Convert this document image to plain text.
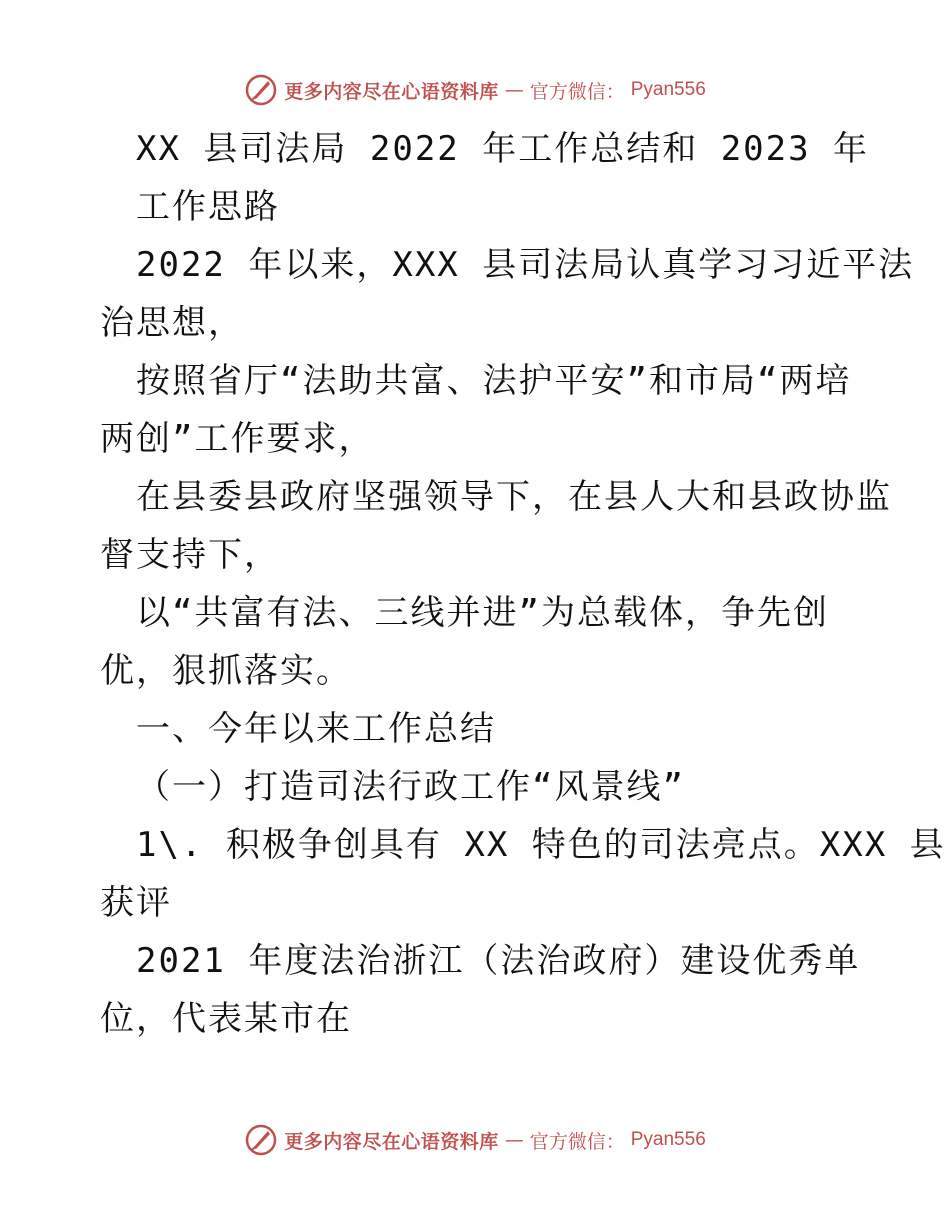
更多内容尽在心语资料库 — 官方微信： Pyan556
XX 县司法局 2022 年工作总结和 2023 年
工作思路
2022 年以来，XXX 县司法局认真学习习近平法
治思想，
按照省厅“法助共富、法护平安”和市局“两培
两创”工作要求，
在县委县政府坚强领导下，在县人大和县政协监
督支持下，
以“共富有法、三线并进”为总载体，争先创
优，狠抓落实。
一、今年以来工作总结
（一）打造司法行政工作“风景线”
1\. 积极争创具有 XX 特色的司法亮点。XXX 县
获评
2021 年度法治浙江（法治政府）建设优秀单
位，代表某市在
更多内容尽在心语资料库 — 官方微信： Pyan556
